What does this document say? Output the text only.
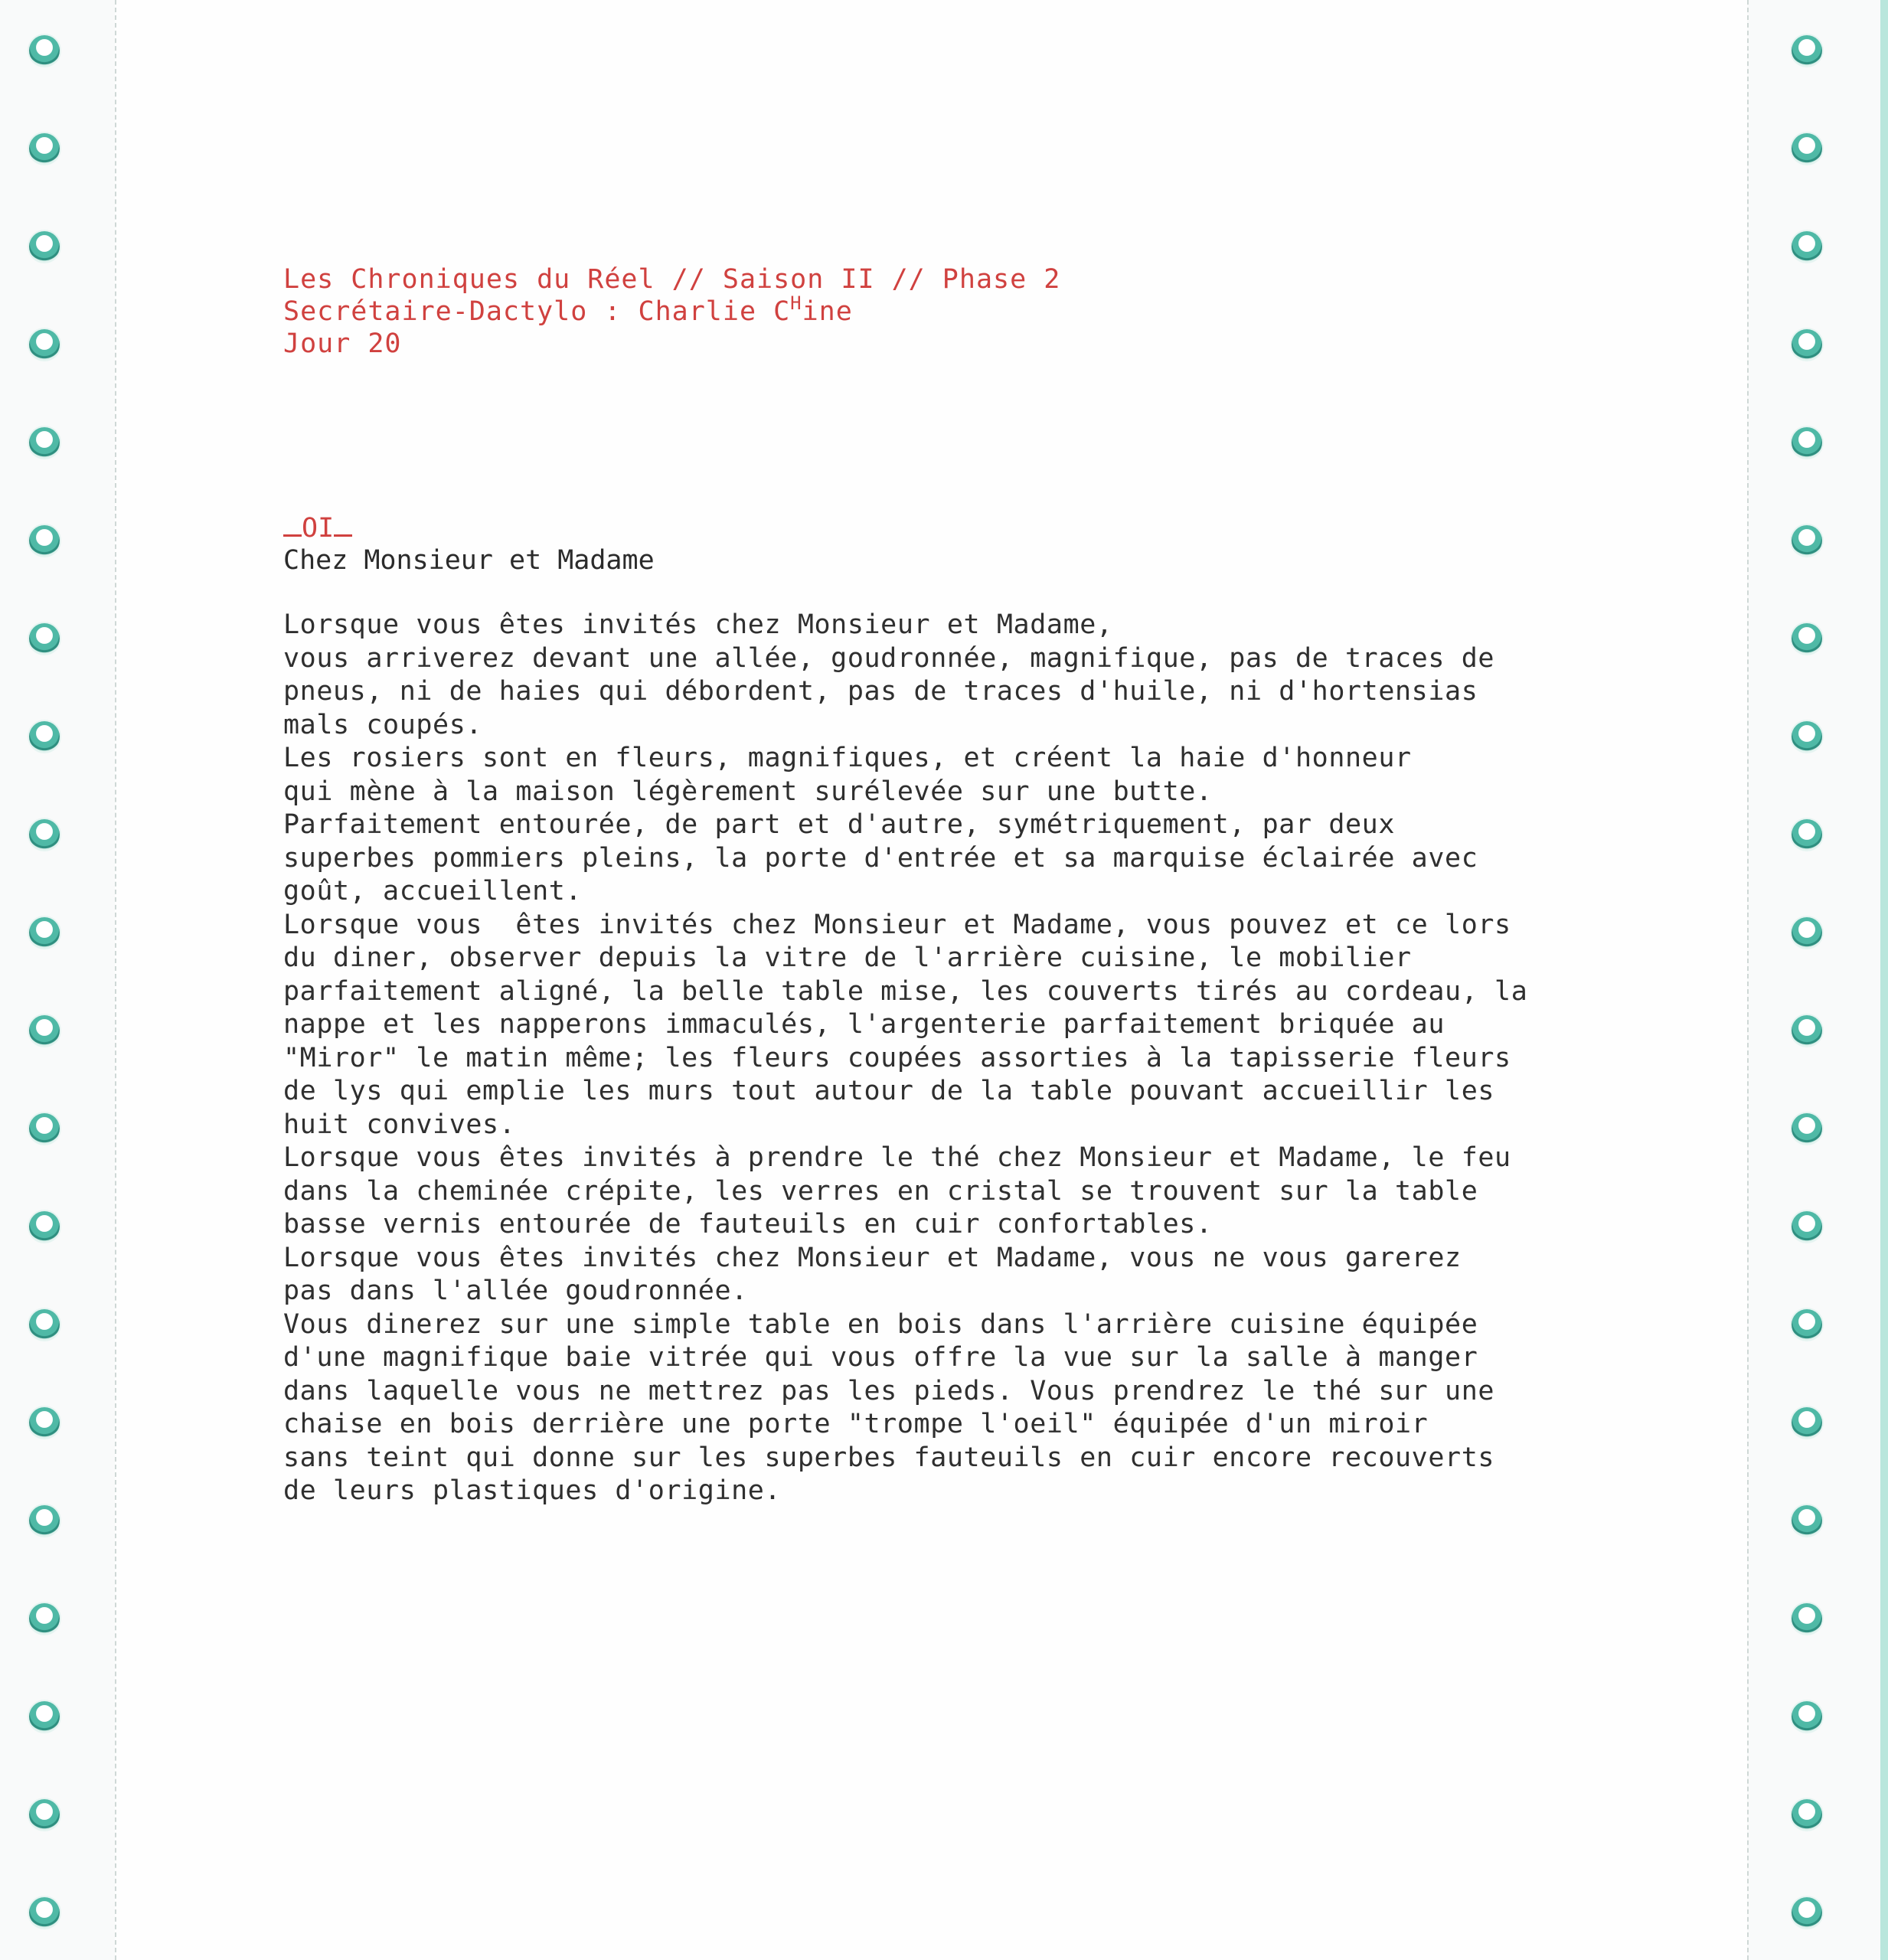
Les Chroniques du Réel // Saison II // Phase 2
Secrétaire-Dactylo : Charlie $C^Hine$
Jour 20
OI
Chez Monsieur et Madame
Lorsque vous êtes invités chez Monsieur et Madame,
vous arriverez devant une allée, goudronnée, magnifique, pas de traces de
pneus, ni de haies qui débordent, pas de traces d'huile, ni d'hortensias
mals coupés.
Les rosiers sont en fleurs, magnifiques, et créent la haie d'honneur
qui mène à la maison légèrement surélevée sur une butte.
Parfaitement entourée, de part et d'autre, symétriquement, par deux
superbes pommiers pleins, la porte d'entrée et sa marquise éclairée avec
goût, accueillent.
Lorsque vous  êtes invités chez Monsieur et Madame, vous pouvez et ce lors
du diner, observer depuis la vitre de l'arrière cuisine, le mobilier
parfaitement aligné, la belle table mise, les couverts tirés au cordeau, la
nappe et les napperons immaculés, l'argenterie parfaitement briquée au
"Miror" le matin même; les fleurs coupées assorties à la tapisserie fleurs
de lys qui emplie les murs tout autour de la table pouvant accueillir les
huit convives.
Lorsque vous êtes invités à prendre le thé chez Monsieur et Madame, le feu
dans la cheminée crépite, les verres en cristal se trouvent sur la table
basse vernis entourée de fauteuils en cuir confortables.
Lorsque vous êtes invités chez Monsieur et Madame, vous ne vous garerez
pas dans l'allée goudronnée.
Vous dinerez sur une simple table en bois dans l'arrière cuisine équipée
d'une magnifique baie vitrée qui vous offre la vue sur la salle à manger
dans laquelle vous ne mettrez pas les pieds. Vous prendrez le thé sur une
chaise en bois derrière une porte "trompe l'oeil" équipée d'un miroir
sans teint qui donne sur les superbes fauteuils en cuir encore recouverts
de leurs plastiques d'origine.
